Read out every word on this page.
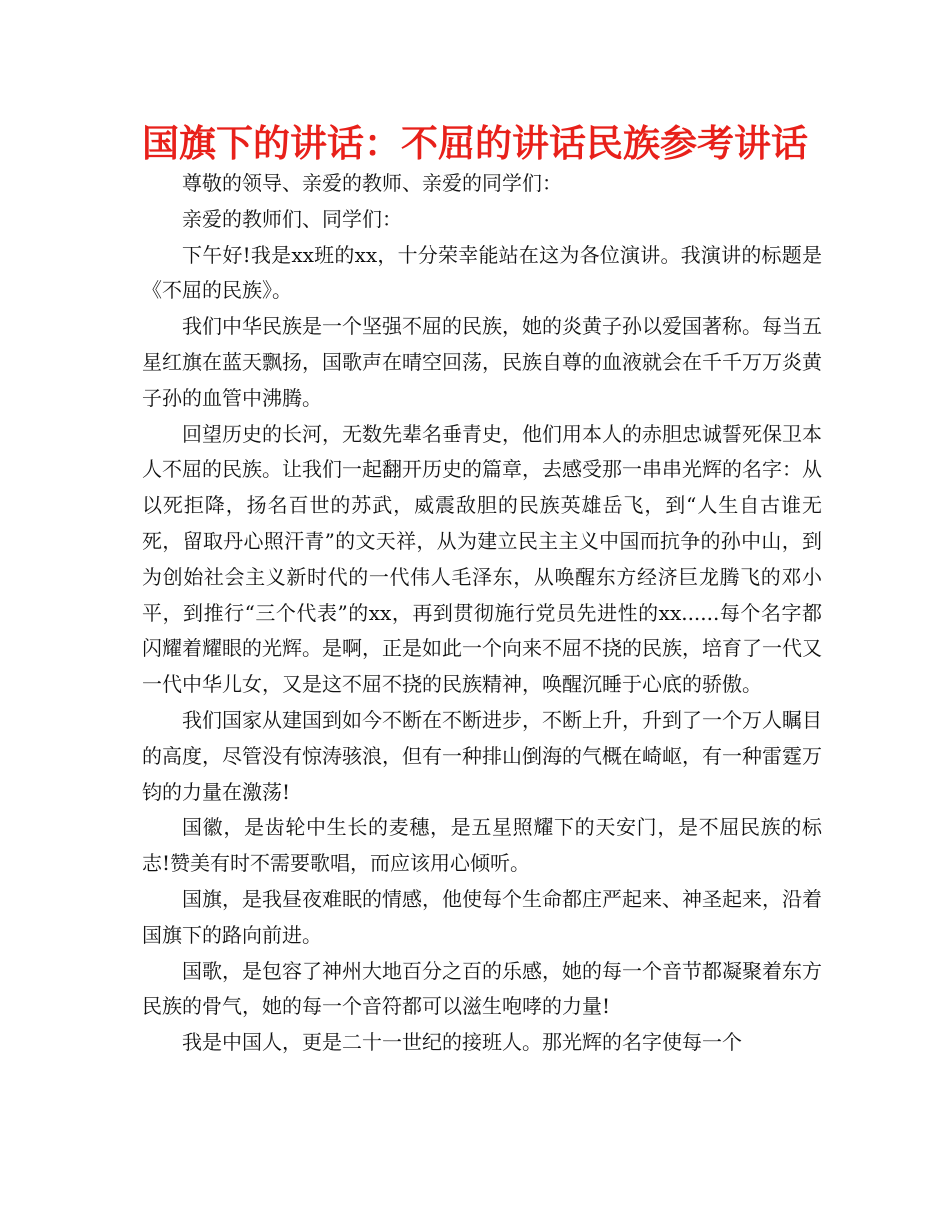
国旗下的讲话：不屈的讲话民族参考讲话

尊敬的领导、亲爱的教师、亲爱的同学们：

亲爱的教师们、同学们：

下午好!我是xx班的xx，十分荣幸能站在这为各位演讲。我演讲的标题是《不屈的民族》。

我们中华民族是一个坚强不屈的民族，她的炎黄子孙以爱国著称。每当五星红旗在蓝天飘扬，国歌声在晴空回荡，民族自尊的血液就会在千千万万炎黄子孙的血管中沸腾。

回望历史的长河，无数先辈名垂青史，他们用本人的赤胆忠诚誓死保卫本人不屈的民族。让我们一起翻开历史的篇章，去感受那一串串光辉的名字：从以死拒降，扬名百世的苏武，威震敌胆的民族英雄岳飞，到“人生自古谁无死，留取丹心照汗青”的文天祥，从为建立民主主义中国而抗争的孙中山，到为创始社会主义新时代的一代伟人毛泽东，从唤醒东方经济巨龙腾飞的邓小平，到推行“三个代表”的xx，再到贯彻施行党员先进性的xx......每个名字都闪耀着耀眼的光辉。是啊，正是如此一个向来不屈不挠的民族，培育了一代又一代中华儿女，又是这不屈不挠的民族精神，唤醒沉睡于心底的骄傲。

我们国家从建国到如今不断在不断进步，不断上升，升到了一个万人瞩目的高度，尽管没有惊涛骇浪，但有一种排山倒海的气概在崎岖，有一种雷霆万钧的力量在激荡!

国徽，是齿轮中生长的麦穗，是五星照耀下的天安门，是不屈民族的标志!赞美有时不需要歌唱，而应该用心倾听。

国旗，是我昼夜难眠的情感，他使每个生命都庄严起来、神圣起来，沿着国旗下的路向前进。

国歌，是包容了神州大地百分之百的乐感，她的每一个音节都凝聚着东方民族的骨气，她的每一个音符都可以滋生咆哮的力量!

我是中国人，更是二十一世纪的接班人。那光辉的名字使每一个
